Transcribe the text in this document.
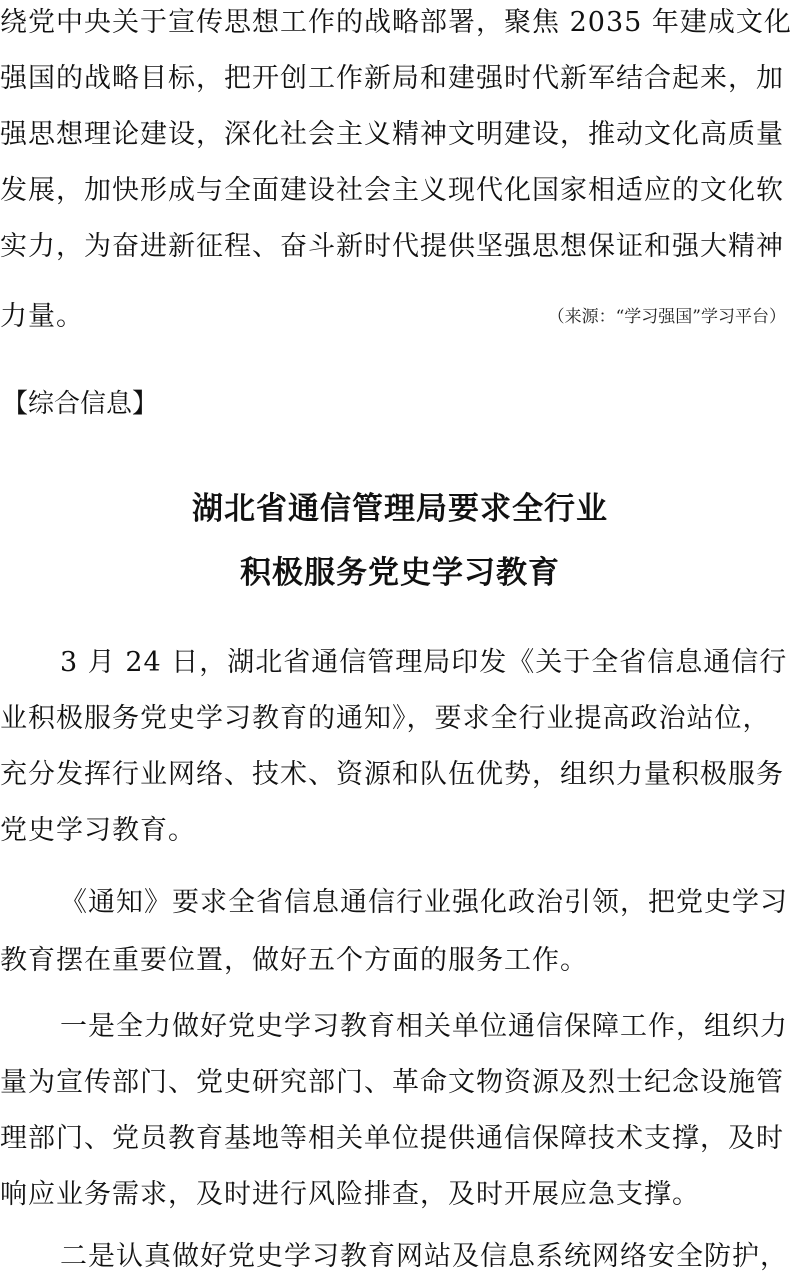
绕党中央关于宣传思想工作的战略部署，聚焦 2035 年建成文化
强国的战略目标，把开创工作新局和建强时代新军结合起来，加
强思想理论建设，深化社会主义精神文明建设，推动文化高质量
发展，加快形成与全面建设社会主义现代化国家相适应的文化软
实力，为奋进新征程、奋斗新时代提供坚强思想保证和强大精神
力量。	（来源：“学习强国”学习平台）
【综合信息】
湖北省通信管理局要求全行业
积极服务党史学习教育
3 月 24 日，湖北省通信管理局印发《关于全省信息通信行
业积极服务党史学习教育的通知》，要求全行业提高政治站位，
充分发挥行业网络、技术、资源和队伍优势，组织力量积极服务
党史学习教育。
《通知》要求全省信息通信行业强化政治引领，把党史学习
教育摆在重要位置，做好五个方面的服务工作。
一是全力做好党史学习教育相关单位通信保障工作，组织力
量为宣传部门、党史研究部门、革命文物资源及烈士纪念设施管
理部门、党员教育基地等相关单位提供通信保障技术支撑，及时
响应业务需求，及时进行风险排查，及时开展应急支撑。
二是认真做好党史学习教育网站及信息系统网络安全防护，
